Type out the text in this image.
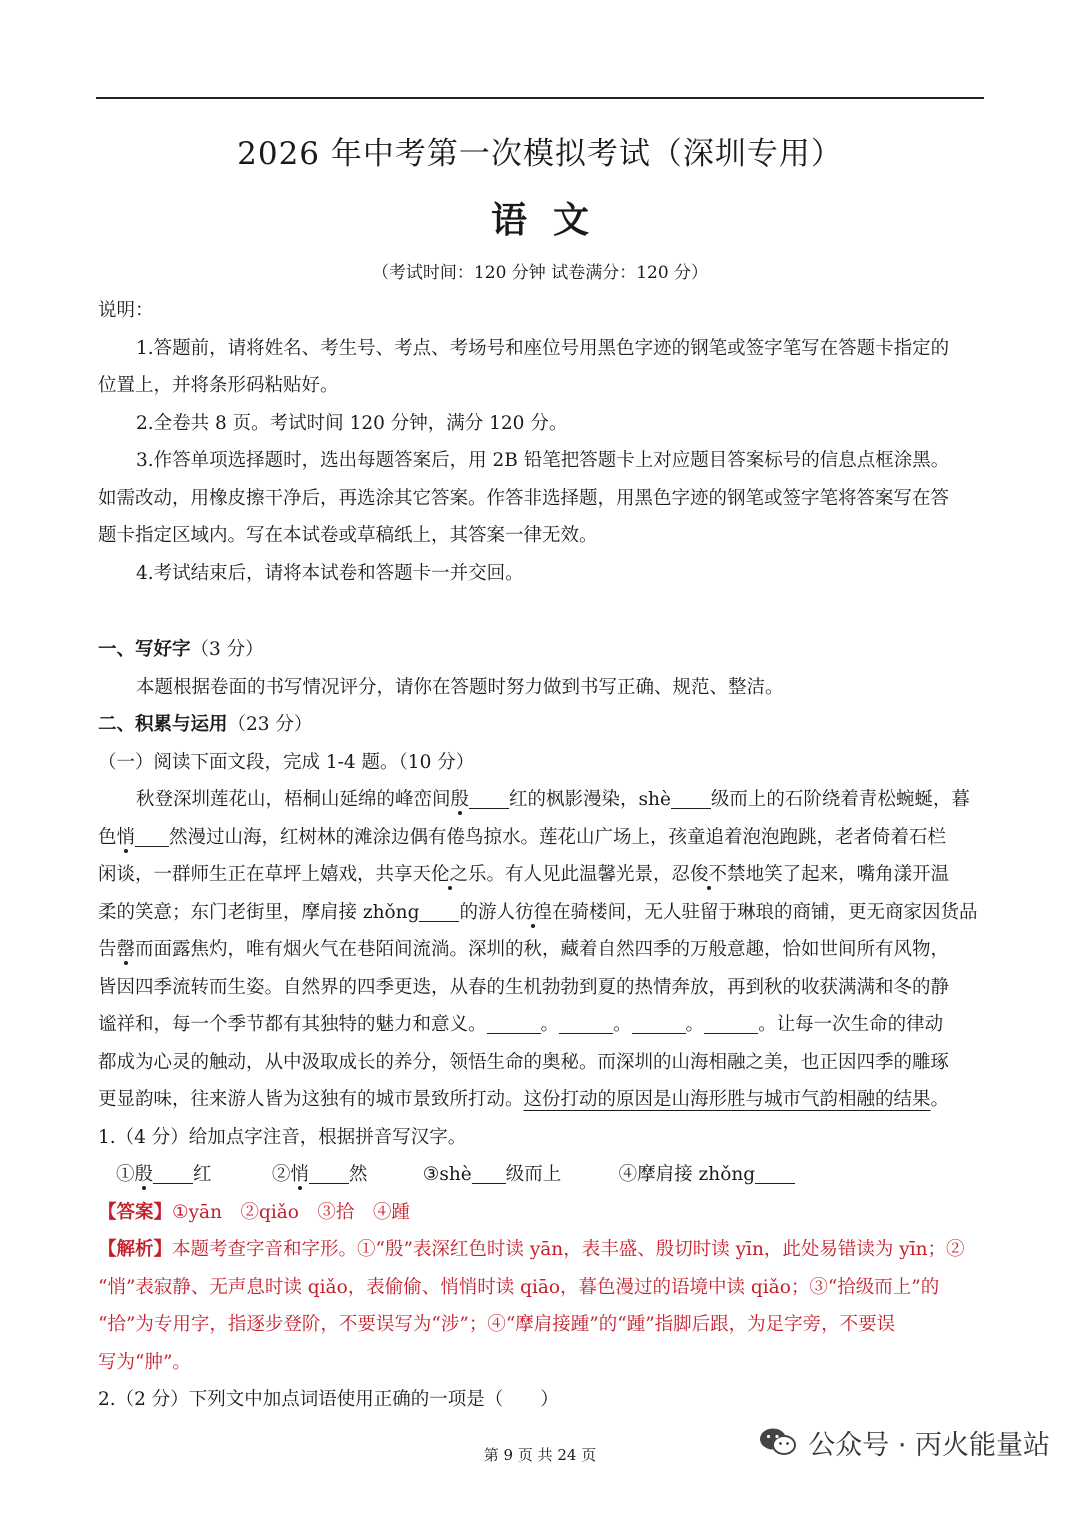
2026 年中考第一次模拟考试（深圳专用）
语文
（考试时间：120 分钟 试卷满分：120 分）
说明：
1.答题前，请将姓名、考生号、考点、考场号和座位号用黑色字迹的钢笔或签字笔写在答题卡指定的
位置上，并将条形码粘贴好。
2.全卷共 8 页。考试时间 120 分钟，满分 120 分。
3.作答单项选择题时，选出每题答案后，用 2B 铅笔把答题卡上对应题目答案标号的信息点框涂黑。
如需改动，用橡皮擦干净后，再选涂其它答案。作答非选择题，用黑色字迹的钢笔或签字笔将答案写在答
题卡指定区域内。写在本试卷或草稿纸上，其答案一律无效。
4.考试结束后，请将本试卷和答题卡一并交回。
一、写好字（3 分）
本题根据卷面的书写情况评分，请你在答题时努力做到书写正确、规范、整洁。
二、积累与运用（23 分）
（一）阅读下面文段，完成 1-4 题。（10 分）
秋登深圳莲花山，梧桐山延绵的峰峦间殷 红的枫影漫染，shè 级而上的石阶绕着青松蜿蜒，暮
色悄 然漫过山海，红树林的滩涂边偶有倦鸟掠水。莲花山广场上，孩童追着泡泡跑跳，老者倚着石栏
闲谈，一群师生正在草坪上嬉戏，共享天伦之乐。有人见此温馨光景，忍俊不禁地笑了起来，嘴角漾开温
柔的笑意；东门老街里，摩肩接 zhǒng 的游人彷徨在骑楼间，无人驻留于琳琅的商铺，更无商家因货品
告罄而面露焦灼，唯有烟火气在巷陌间流淌。深圳的秋，藏着自然四季的万般意趣，恰如世间所有风物，
皆因四季流转而生姿。自然界的四季更迭，从春的生机勃勃到夏的热情奔放，再到秋的收获满满和冬的静
谧祥和，每一个季节都有其独特的魅力和意义。	。	。	。	。让每一次生命的律动
都成为心灵的触动，从中汲取成长的养分，领悟生命的奥秘。而深圳的山海相融之美，也正因四季的雕琢
更显韵味，往来游人皆为这独有的城市景致所打动。这份打动的原因是山海形胜与城市气韵相融的结果。
1.（4 分）给加点字注音，根据拼音写汉字。
①殷 红	②悄 然	③shè 级而上	④摩肩接 zhǒng
【答案】①yān　②qiǎo　③拾　④踵
【解析】本题考查字音和字形。①“殷”表深红色时读 yān，表丰盛、殷切时读 yīn，此处易错读为 yīn；②
“悄”表寂静、无声息时读 qiǎo，表偷偷、悄悄时读 qiāo，暮色漫过的语境中读 qiǎo；③“拾级而上”的
“拾”为专用字，指逐步登阶，不要误写为“涉”；④“摩肩接踵”的“踵”指脚后跟，为足字旁，不要误
写为“肿”。
2.（2 分）下列文中加点词语使用正确的一项是（　　）
第 9 页 共 24 页	公众号 · 丙火能量站
